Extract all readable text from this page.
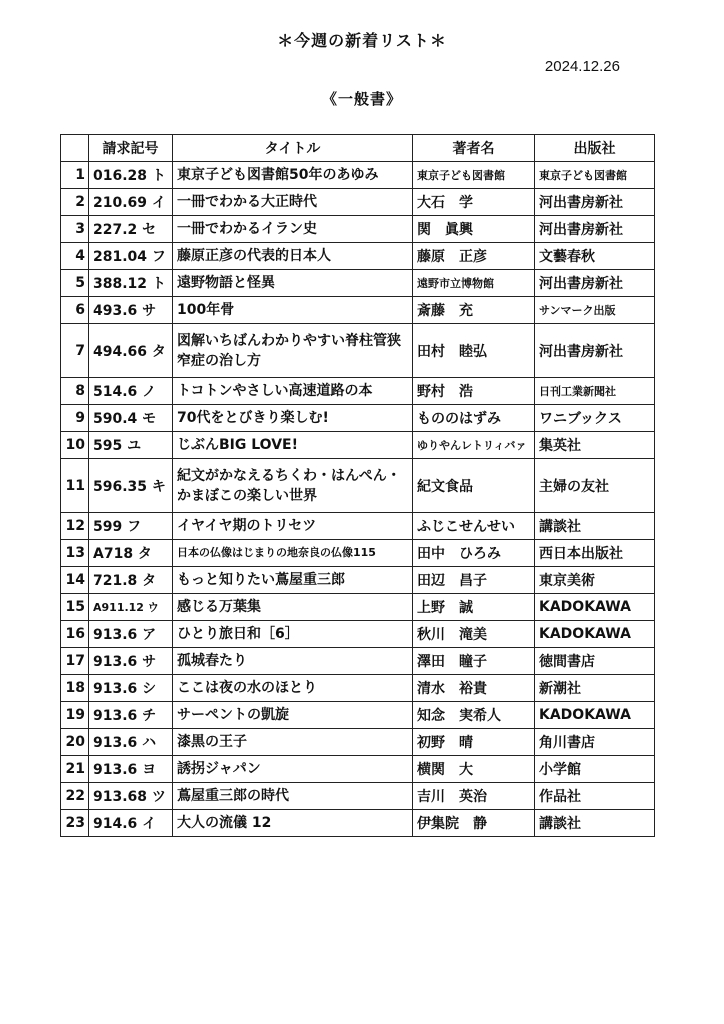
＊今週の新着リスト＊
2024.12.26
《一般書》
	請求記号	タイトル	著者名	出版社
1	016.28 ト	東京子ども図書館50年のあゆみ	東京子ども図書館	東京子ども図書館
2	210.69 イ	一冊でわかる大正時代	大石　学	河出書房新社
3	227.2 セ	一冊でわかるイラン史	関　眞興	河出書房新社
4	281.04 フ	藤原正彦の代表的日本人	藤原　正彦	文藝春秋
5	388.12 ト	遠野物語と怪異	遠野市立博物館	河出書房新社
6	493.6 サ	100年骨	斎藤　充	サンマーク出版
7	494.66 タ	図解いちばんわかりやすい脊柱管狭窄症の治し方	田村　睦弘	河出書房新社
8	514.6 ノ	トコトンやさしい高速道路の本	野村　浩	日刊工業新聞社
9	590.4 モ	70代をとびきり楽しむ!	もののはずみ	ワニブックス
10	595 ユ	じぶんBIG LOVE!	ゆりやんレトリィバァ	集英社
11	596.35 キ	紀文がかなえるちくわ・はんぺん・かまぼこの楽しい世界	紀文食品	主婦の友社
12	599 フ	イヤイヤ期のトリセツ	ふじこせんせい	講談社
13	A718 タ	日本の仏像はじまりの地奈良の仏像115	田中　ひろみ	西日本出版社
14	721.8 タ	もっと知りたい蔦屋重三郎	田辺　昌子	東京美術
15	A911.12 ウ	感じる万葉集	上野　誠	KADOKAWA
16	913.6 ア	ひとり旅日和［6］	秋川　滝美	KADOKAWA
17	913.6 サ	孤城春たり	澤田　瞳子	徳間書店
18	913.6 シ	ここは夜の水のほとり	清水　裕貴	新潮社
19	913.6 チ	サーペントの凱旋	知念　実希人	KADOKAWA
20	913.6 ハ	漆黒の王子	初野　晴	角川書店
21	913.6 ヨ	誘拐ジャパン	横関　大	小学館
22	913.68 ツ	蔦屋重三郎の時代	吉川　英治	作品社
23	914.6 イ	大人の流儀 12	伊集院　静	講談社
